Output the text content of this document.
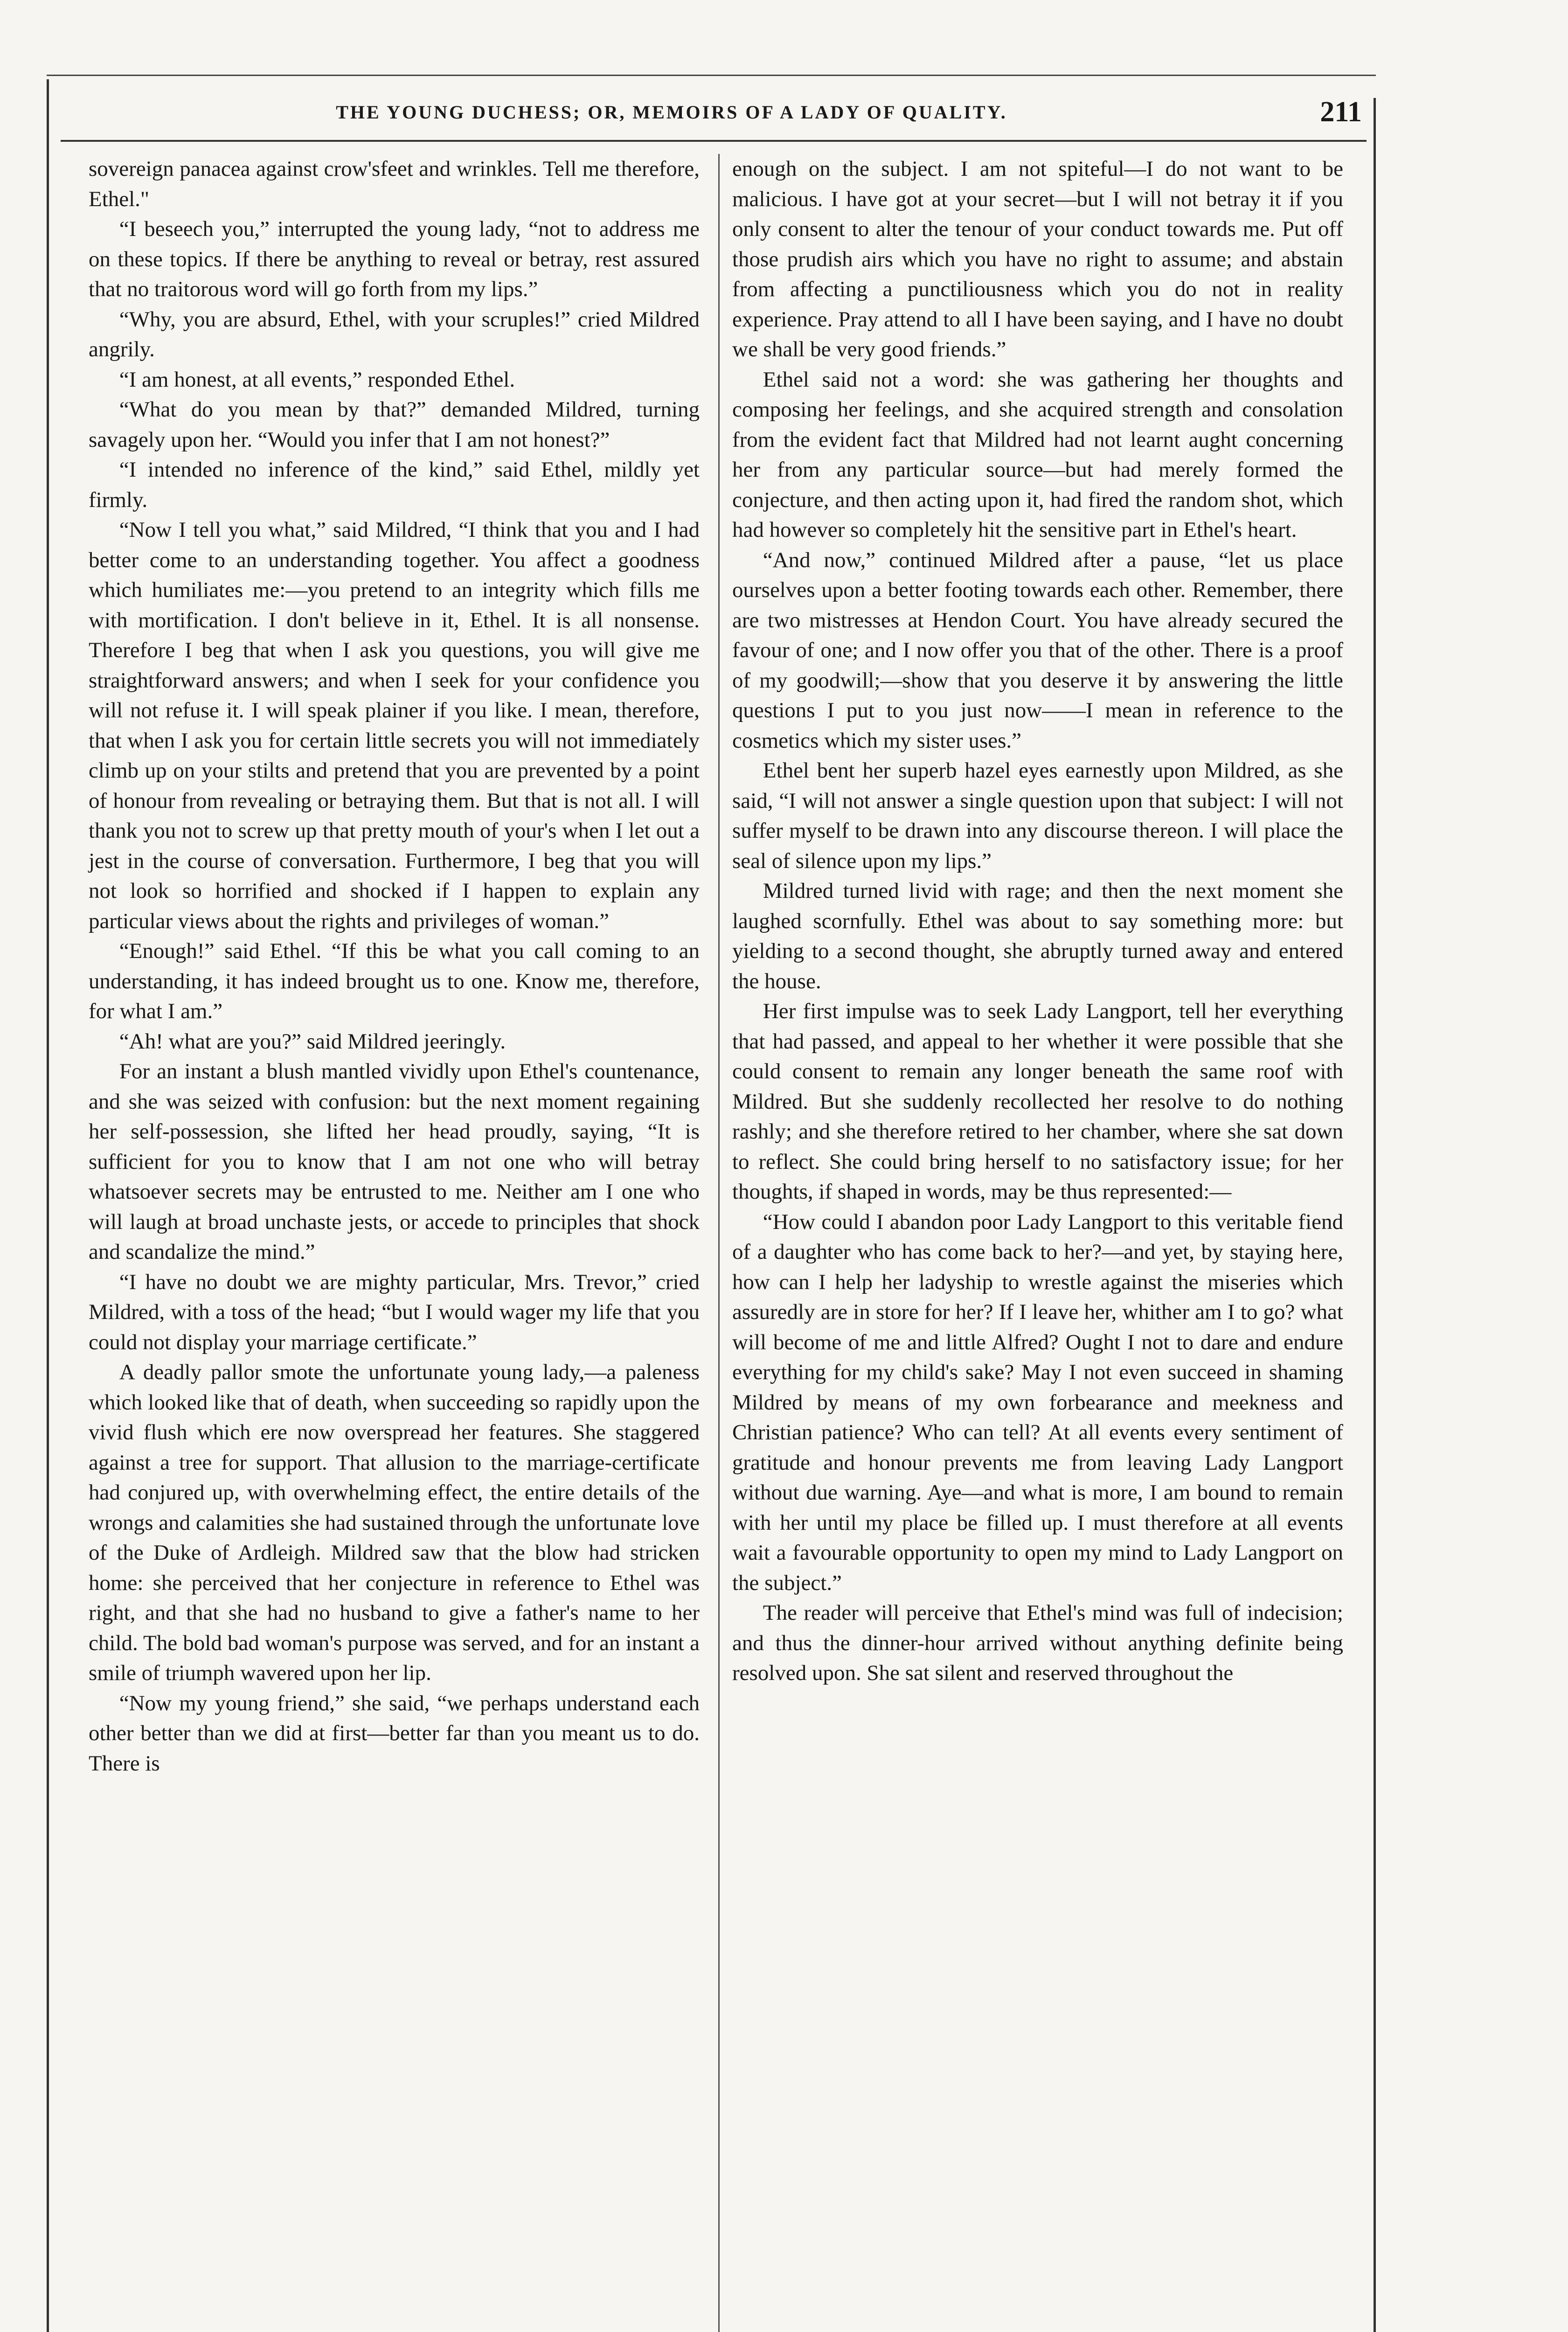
THE YOUNG DUCHESS; OR, MEMOIRS OF A LADY OF QUALITY.	211

sovereign panacea against crow'sfeet and wrinkles. Tell me therefore, Ethel."

“I beseech you,” interrupted the young lady, “not to address me on these topics. If there be anything to reveal or betray, rest assured that no traitorous word will go forth from my lips.”

“Why, you are absurd, Ethel, with your scruples!” cried Mildred angrily.

“I am honest, at all events,” responded Ethel.

“What do you mean by that?” demanded Mildred, turning savagely upon her. “Would you infer that I am not honest?”

“I intended no inference of the kind,” said Ethel, mildly yet firmly.

“Now I tell you what,” said Mildred, “I think that you and I had better come to an understanding together. You affect a goodness which humiliates me:—you pretend to an integrity which fills me with mortification. I don't believe in it, Ethel. It is all nonsense. Therefore I beg that when I ask you questions, you will give me straightforward answers; and when I seek for your confidence you will not refuse it. I will speak plainer if you like. I mean, therefore, that when I ask you for certain little secrets you will not immediately climb up on your stilts and pretend that you are prevented by a point of honour from revealing or betraying them. But that is not all. I will thank you not to screw up that pretty mouth of your's when I let out a jest in the course of conversation. Furthermore, I beg that you will not look so horrified and shocked if I happen to explain any particular views about the rights and privileges of woman.”

“Enough!” said Ethel. “If this be what you call coming to an understanding, it has indeed brought us to one. Know me, therefore, for what I am.”

“Ah! what are you?” said Mildred jeeringly.

For an instant a blush mantled vividly upon Ethel's countenance, and she was seized with confusion: but the next moment regaining her self-possession, she lifted her head proudly, saying, “It is sufficient for you to know that I am not one who will betray whatsoever secrets may be entrusted to me. Neither am I one who will laugh at broad unchaste jests, or accede to principles that shock and scandalize the mind.”

“I have no doubt we are mighty particular, Mrs. Trevor,” cried Mildred, with a toss of the head; “but I would wager my life that you could not display your marriage certificate.”

A deadly pallor smote the unfortunate young lady,—a paleness which looked like that of death, when succeeding so rapidly upon the vivid flush which ere now overspread her features. She staggered against a tree for support. That allusion to the marriage-certificate had conjured up, with overwhelming effect, the entire details of the wrongs and calamities she had sustained through the unfortunate love of the Duke of Ardleigh. Mildred saw that the blow had stricken home: she perceived that her conjecture in reference to Ethel was right, and that she had no husband to give a father's name to her child. The bold bad woman's purpose was served, and for an instant a smile of triumph wavered upon her lip.

“Now my young friend,” she said, “we perhaps understand each other better than we did at first—better far than you meant us to do. There is

enough on the subject. I am not spiteful—I do not want to be malicious. I have got at your secret—but I will not betray it if you only consent to alter the tenour of your conduct towards me. Put off those prudish airs which you have no right to assume; and abstain from affecting a punctiliousness which you do not in reality experience. Pray attend to all I have been saying, and I have no doubt we shall be very good friends.”

Ethel said not a word: she was gathering her thoughts and composing her feelings, and she acquired strength and consolation from the evident fact that Mildred had not learnt aught concerning her from any particular source—but had merely formed the conjecture, and then acting upon it, had fired the random shot, which had however so completely hit the sensitive part in Ethel's heart.

“And now,” continued Mildred after a pause, “let us place ourselves upon a better footing towards each other. Remember, there are two mistresses at Hendon Court. You have already secured the favour of one; and I now offer you that of the other. There is a proof of my goodwill;—show that you deserve it by answering the little questions I put to you just now——I mean in reference to the cosmetics which my sister uses.”

Ethel bent her superb hazel eyes earnestly upon Mildred, as she said, “I will not answer a single question upon that subject: I will not suffer myself to be drawn into any discourse thereon. I will place the seal of silence upon my lips.”

Mildred turned livid with rage; and then the next moment she laughed scornfully. Ethel was about to say something more: but yielding to a second thought, she abruptly turned away and entered the house.

Her first impulse was to seek Lady Langport, tell her everything that had passed, and appeal to her whether it were possible that she could consent to remain any longer beneath the same roof with Mildred. But she suddenly recollected her resolve to do nothing rashly; and she therefore retired to her chamber, where she sat down to reflect. She could bring herself to no satisfactory issue; for her thoughts, if shaped in words, may be thus represented:—

“How could I abandon poor Lady Langport to this veritable fiend of a daughter who has come back to her?—and yet, by staying here, how can I help her ladyship to wrestle against the miseries which assuredly are in store for her? If I leave her, whither am I to go? what will become of me and little Alfred? Ought I not to dare and endure everything for my child's sake? May I not even succeed in shaming Mildred by means of my own forbearance and meekness and Christian patience? Who can tell? At all events every sentiment of gratitude and honour prevents me from leaving Lady Langport without due warning. Aye—and what is more, I am bound to remain with her until my place be filled up. I must therefore at all events wait a favourable opportunity to open my mind to Lady Langport on the subject.”

The reader will perceive that Ethel's mind was full of indecision; and thus the dinner-hour arrived without anything definite being resolved upon. She sat silent and reserved throughout the
